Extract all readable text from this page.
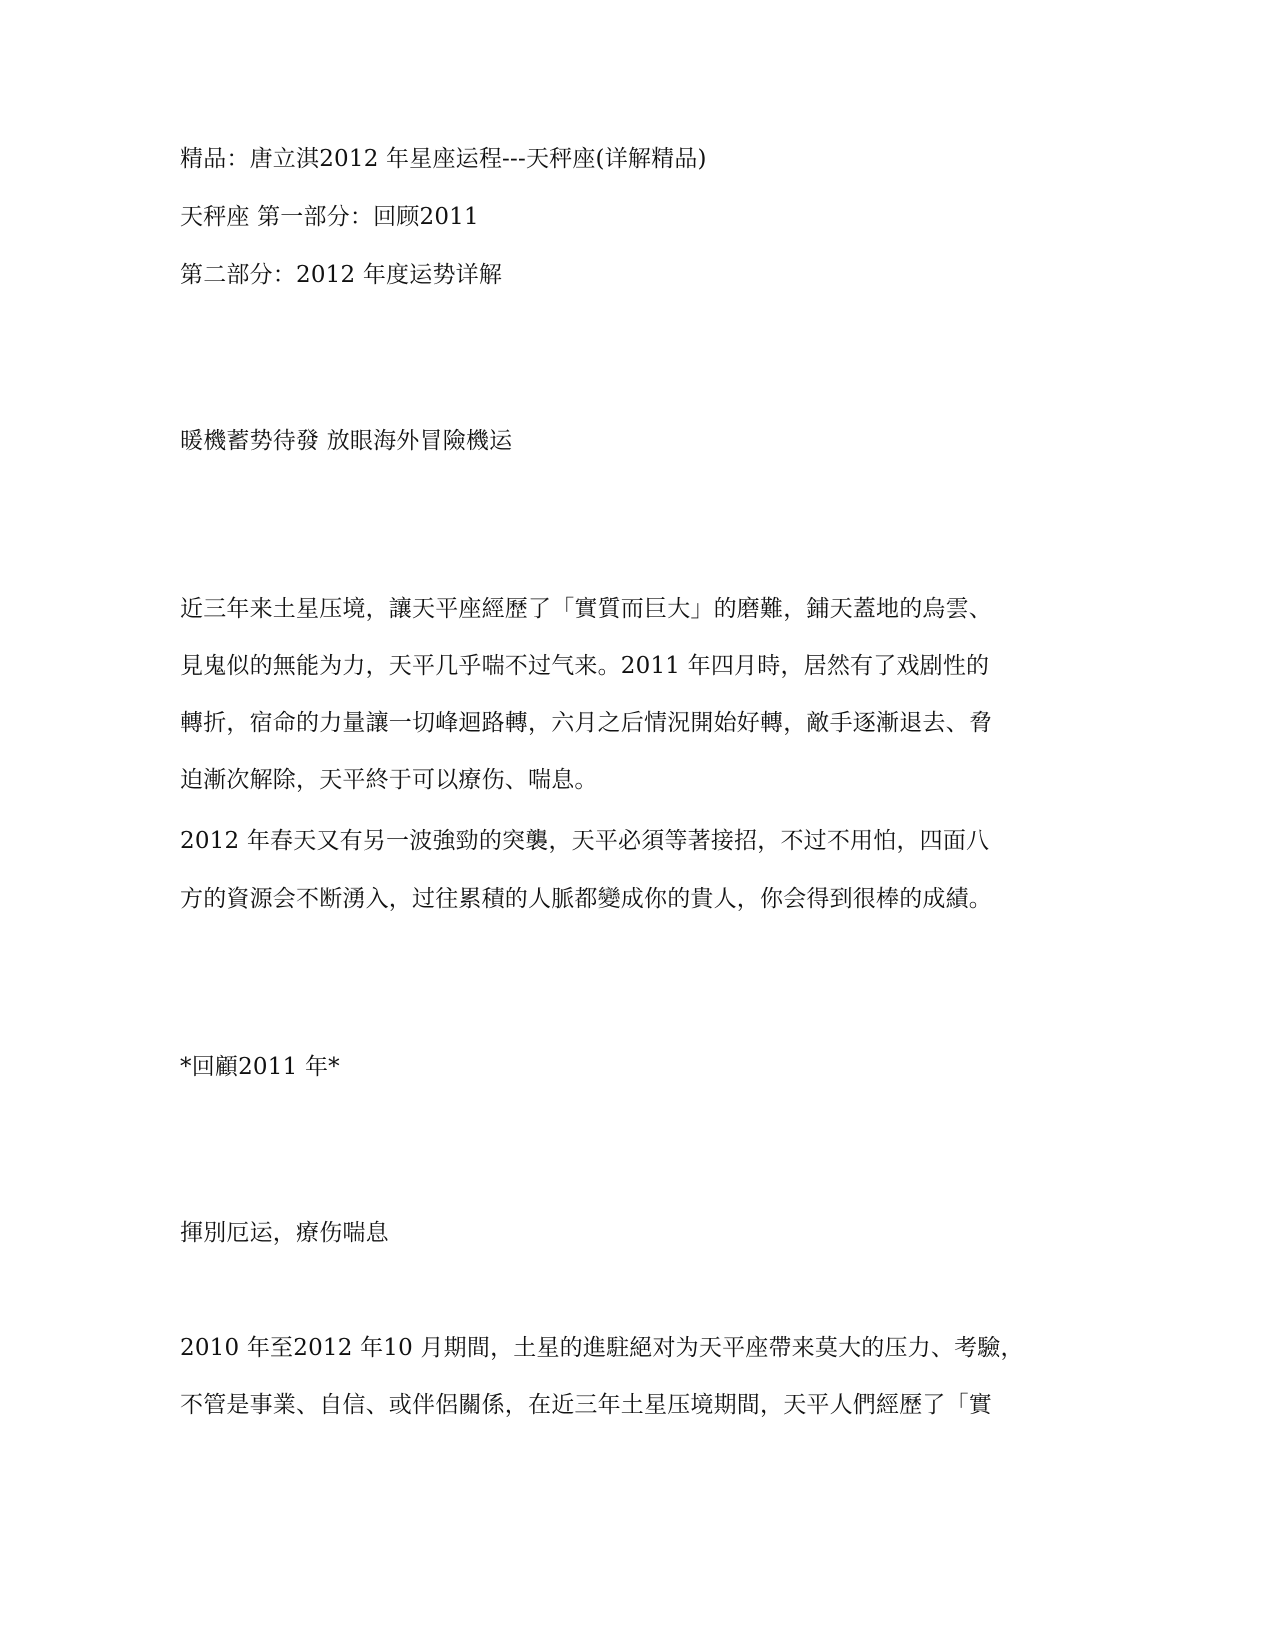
精品：唐立淇2012 年星座运程---天秤座(详解精品)
天秤座 第一部分：回顾2011
第二部分：2012 年度运势详解
暖機蓄势待發 放眼海外冒險機运
近三年来土星压境，讓天平座經歷了「實質而巨大」的磨難，鋪天蓋地的烏雲、
見鬼似的無能为力，天平几乎喘不过气来。2011 年四月時，居然有了戏剧性的
轉折，宿命的力量讓一切峰迴路轉，六月之后情況開始好轉，敵手逐漸退去、脅
迫漸次解除，天平終于可以療伤、喘息。
2012 年春天又有另一波強勁的突襲，天平必須等著接招，不过不用怕，四面八
方的資源会不断湧入，过往累積的人脈都變成你的貴人，你会得到很棒的成績。
*回顧2011 年*
揮別厄运，療伤喘息
2010 年至2012 年10 月期間，土星的進駐絕对为天平座帶来莫大的压力、考驗，
不管是事業、自信、或伴侶關係，在近三年土星压境期間，天平人們經歷了「實
